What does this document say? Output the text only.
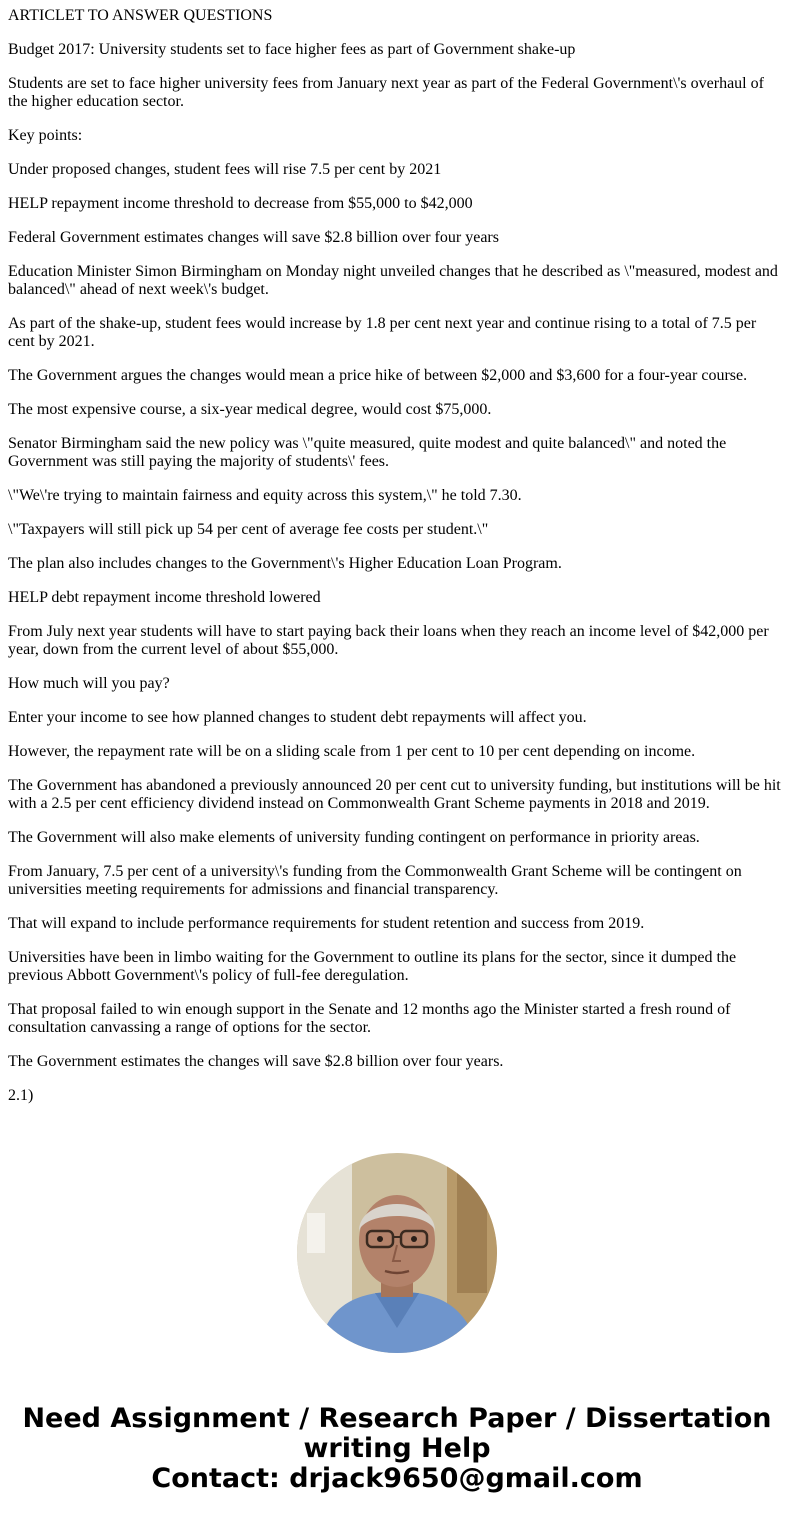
ARTICLET TO ANSWER QUESTIONS

Budget 2017: University students set to face higher fees as part of Government shake-up

Students are set to face higher university fees from January next year as part of the Federal Government\'s overhaul of the higher education sector.

Key points:

Under proposed changes, student fees will rise 7.5 per cent by 2021

HELP repayment income threshold to decrease from $55,000 to $42,000

Federal Government estimates changes will save $2.8 billion over four years

Education Minister Simon Birmingham on Monday night unveiled changes that he described as \"measured, modest and balanced\" ahead of next week\'s budget.

As part of the shake-up, student fees would increase by 1.8 per cent next year and continue rising to a total of 7.5 per cent by 2021.

The Government argues the changes would mean a price hike of between $2,000 and $3,600 for a four-year course.

The most expensive course, a six-year medical degree, would cost $75,000.

Senator Birmingham said the new policy was \"quite measured, quite modest and quite balanced\" and noted the Government was still paying the majority of students\' fees.

\"We\'re trying to maintain fairness and equity across this system,\" he told 7.30.

\"Taxpayers will still pick up 54 per cent of average fee costs per student.\"

The plan also includes changes to the Government\'s Higher Education Loan Program.

HELP debt repayment income threshold lowered

From July next year students will have to start paying back their loans when they reach an income level of $42,000 per year, down from the current level of about $55,000.

How much will you pay?

Enter your income to see how planned changes to student debt repayments will affect you.

However, the repayment rate will be on a sliding scale from 1 per cent to 10 per cent depending on income.

The Government has abandoned a previously announced 20 per cent cut to university funding, but institutions will be hit with a 2.5 per cent efficiency dividend instead on Commonwealth Grant Scheme payments in 2018 and 2019.

The Government will also make elements of university funding contingent on performance in priority areas.

From January, 7.5 per cent of a university\'s funding from the Commonwealth Grant Scheme will be contingent on universities meeting requirements for admissions and financial transparency.

That will expand to include performance requirements for student retention and success from 2019.

Universities have been in limbo waiting for the Government to outline its plans for the sector, since it dumped the previous Abbott Government\'s policy of full-fee deregulation.

That proposal failed to win enough support in the Senate and 12 months ago the Minister started a fresh round of consultation canvassing a range of options for the sector.

The Government estimates the changes will save $2.8 billion over four years.

2.1)

Need Assignment / Research Paper / Dissertation
writing Help
Contact: drjack9650@gmail.com
